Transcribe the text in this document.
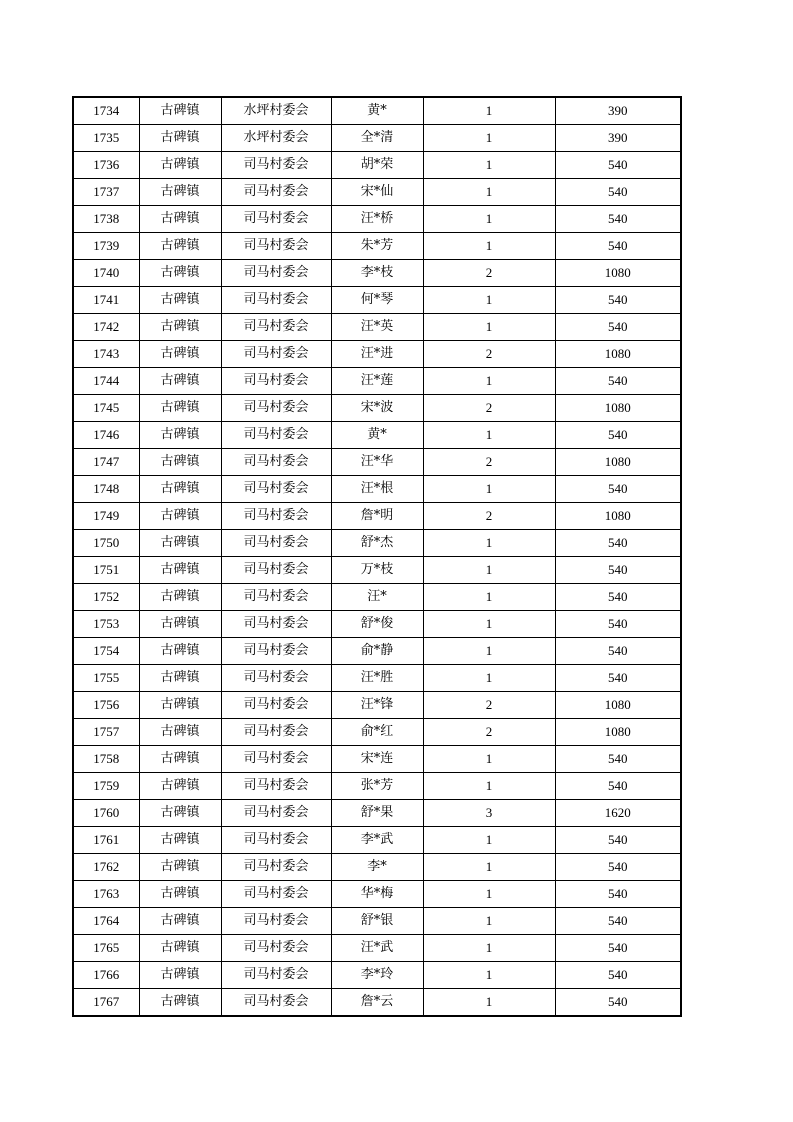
1734	古碑镇	水坪村委会	黄*	1	390
1735	古碑镇	水坪村委会	全*清	1	390
1736	古碑镇	司马村委会	胡*荣	1	540
1737	古碑镇	司马村委会	宋*仙	1	540
1738	古碑镇	司马村委会	汪*桥	1	540
1739	古碑镇	司马村委会	朱*芳	1	540
1740	古碑镇	司马村委会	李*枝	2	1080
1741	古碑镇	司马村委会	何*琴	1	540
1742	古碑镇	司马村委会	汪*英	1	540
1743	古碑镇	司马村委会	汪*进	2	1080
1744	古碑镇	司马村委会	汪*莲	1	540
1745	古碑镇	司马村委会	宋*波	2	1080
1746	古碑镇	司马村委会	黄*	1	540
1747	古碑镇	司马村委会	汪*华	2	1080
1748	古碑镇	司马村委会	汪*根	1	540
1749	古碑镇	司马村委会	詹*明	2	1080
1750	古碑镇	司马村委会	舒*杰	1	540
1751	古碑镇	司马村委会	万*枝	1	540
1752	古碑镇	司马村委会	汪*	1	540
1753	古碑镇	司马村委会	舒*俊	1	540
1754	古碑镇	司马村委会	俞*静	1	540
1755	古碑镇	司马村委会	汪*胜	1	540
1756	古碑镇	司马村委会	汪*锋	2	1080
1757	古碑镇	司马村委会	俞*红	2	1080
1758	古碑镇	司马村委会	宋*连	1	540
1759	古碑镇	司马村委会	张*芳	1	540
1760	古碑镇	司马村委会	舒*果	3	1620
1761	古碑镇	司马村委会	李*武	1	540
1762	古碑镇	司马村委会	李*	1	540
1763	古碑镇	司马村委会	华*梅	1	540
1764	古碑镇	司马村委会	舒*银	1	540
1765	古碑镇	司马村委会	汪*武	1	540
1766	古碑镇	司马村委会	李*玲	1	540
1767	古碑镇	司马村委会	詹*云	1	540
